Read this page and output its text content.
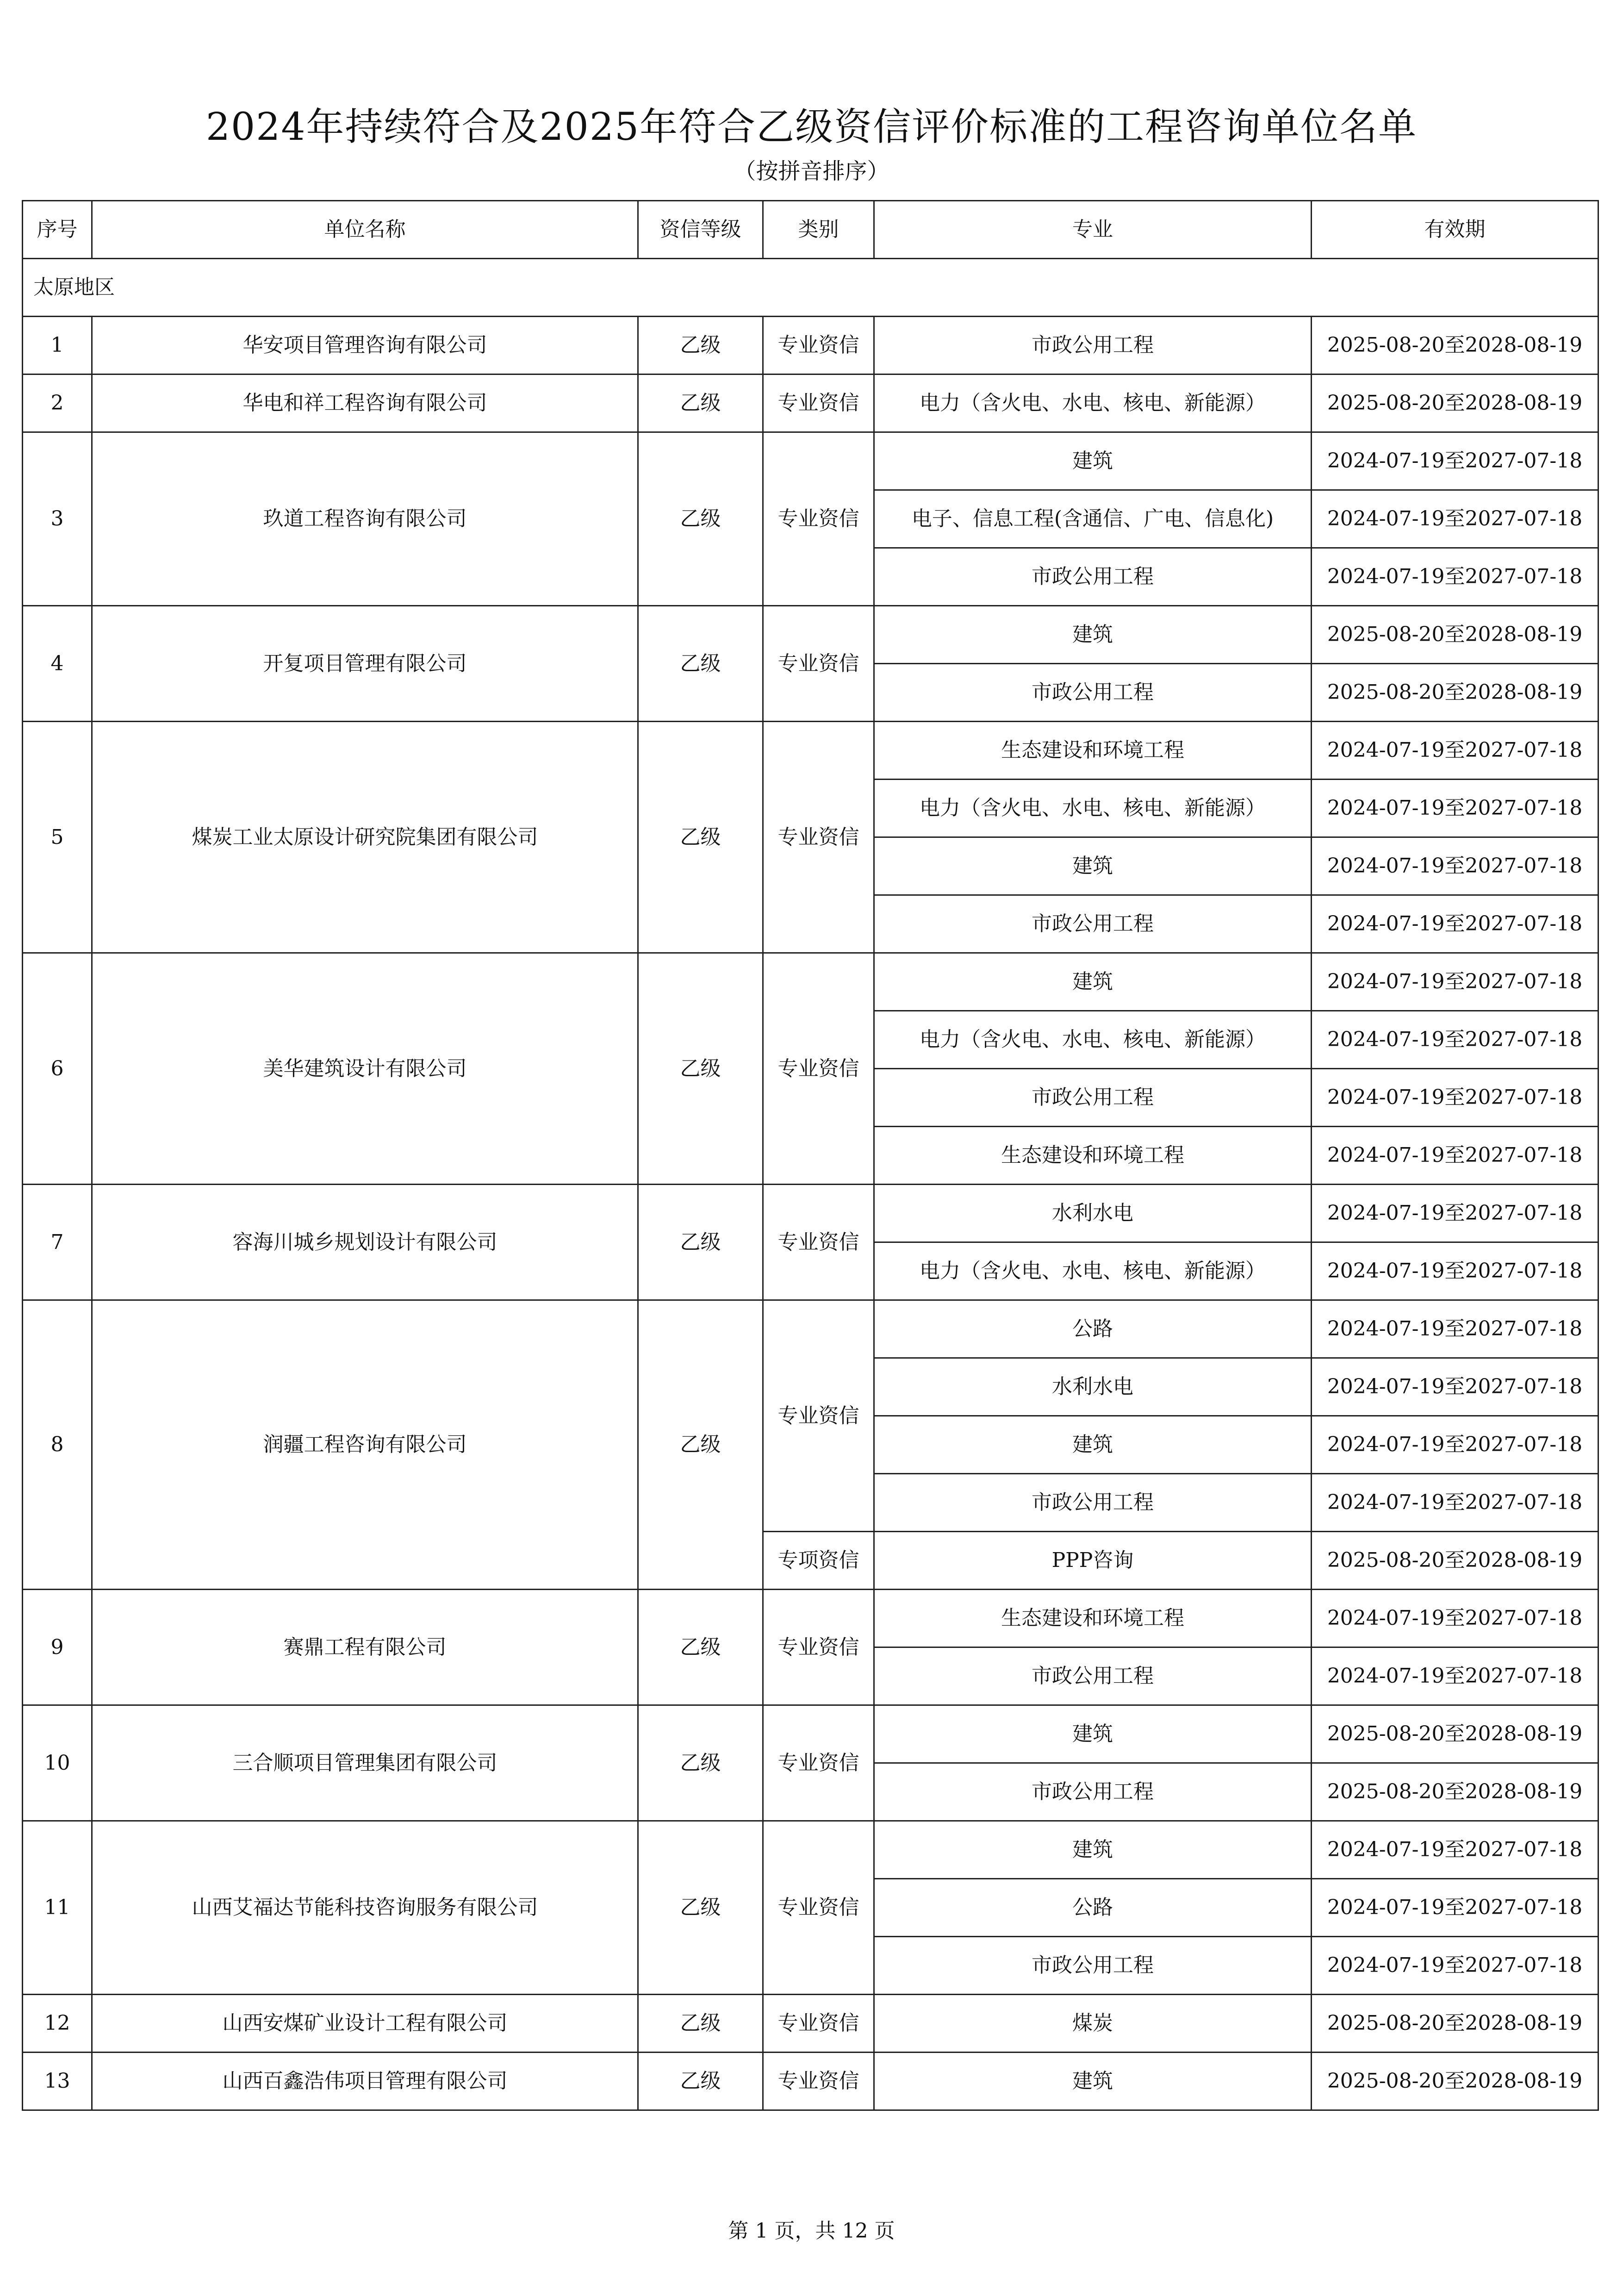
2024年持续符合及2025年符合乙级资信评价标准的工程咨询单位名单
（按拼音排序）
序号	单位名称	资信等级	类别	专业	有效期
太原地区					
1	华安项目管理咨询有限公司	乙级	专业资信	市政公用工程	2025-08-20至2028-08-19
2	华电和祥工程咨询有限公司	乙级	专业资信	电力（含火电、水电、核电、新能源）	2025-08-20至2028-08-19
3	玖道工程咨询有限公司	乙级	专业资信	建筑	2024-07-19至2027-07-18
				电子、信息工程(含通信、广电、信息化)	2024-07-19至2027-07-18
				市政公用工程	2024-07-19至2027-07-18
4	开复项目管理有限公司	乙级	专业资信	建筑	2025-08-20至2028-08-19
				市政公用工程	2025-08-20至2028-08-19
5	煤炭工业太原设计研究院集团有限公司	乙级	专业资信	生态建设和环境工程	2024-07-19至2027-07-18
				电力（含火电、水电、核电、新能源）	2024-07-19至2027-07-18
				建筑	2024-07-19至2027-07-18
				市政公用工程	2024-07-19至2027-07-18
6	美华建筑设计有限公司	乙级	专业资信	建筑	2024-07-19至2027-07-18
				电力（含火电、水电、核电、新能源）	2024-07-19至2027-07-18
				市政公用工程	2024-07-19至2027-07-18
				生态建设和环境工程	2024-07-19至2027-07-18
7	容海川城乡规划设计有限公司	乙级	专业资信	水利水电	2024-07-19至2027-07-18
				电力（含火电、水电、核电、新能源）	2024-07-19至2027-07-18
8	润疆工程咨询有限公司	乙级	专业资信	公路	2024-07-19至2027-07-18
				水利水电	2024-07-19至2027-07-18
				建筑	2024-07-19至2027-07-18
				市政公用工程	2024-07-19至2027-07-18
			专项资信	PPP咨询	2025-08-20至2028-08-19
9	赛鼎工程有限公司	乙级	专业资信	生态建设和环境工程	2024-07-19至2027-07-18
				市政公用工程	2024-07-19至2027-07-18
10	三合顺项目管理集团有限公司	乙级	专业资信	建筑	2025-08-20至2028-08-19
				市政公用工程	2025-08-20至2028-08-19
11	山西艾福达节能科技咨询服务有限公司	乙级	专业资信	建筑	2024-07-19至2027-07-18
				公路	2024-07-19至2027-07-18
				市政公用工程	2024-07-19至2027-07-18
12	山西安煤矿业设计工程有限公司	乙级	专业资信	煤炭	2025-08-20至2028-08-19
13	山西百鑫浩伟项目管理有限公司	乙级	专业资信	建筑	2025-08-20至2028-08-19
第 1 页，共 12 页
